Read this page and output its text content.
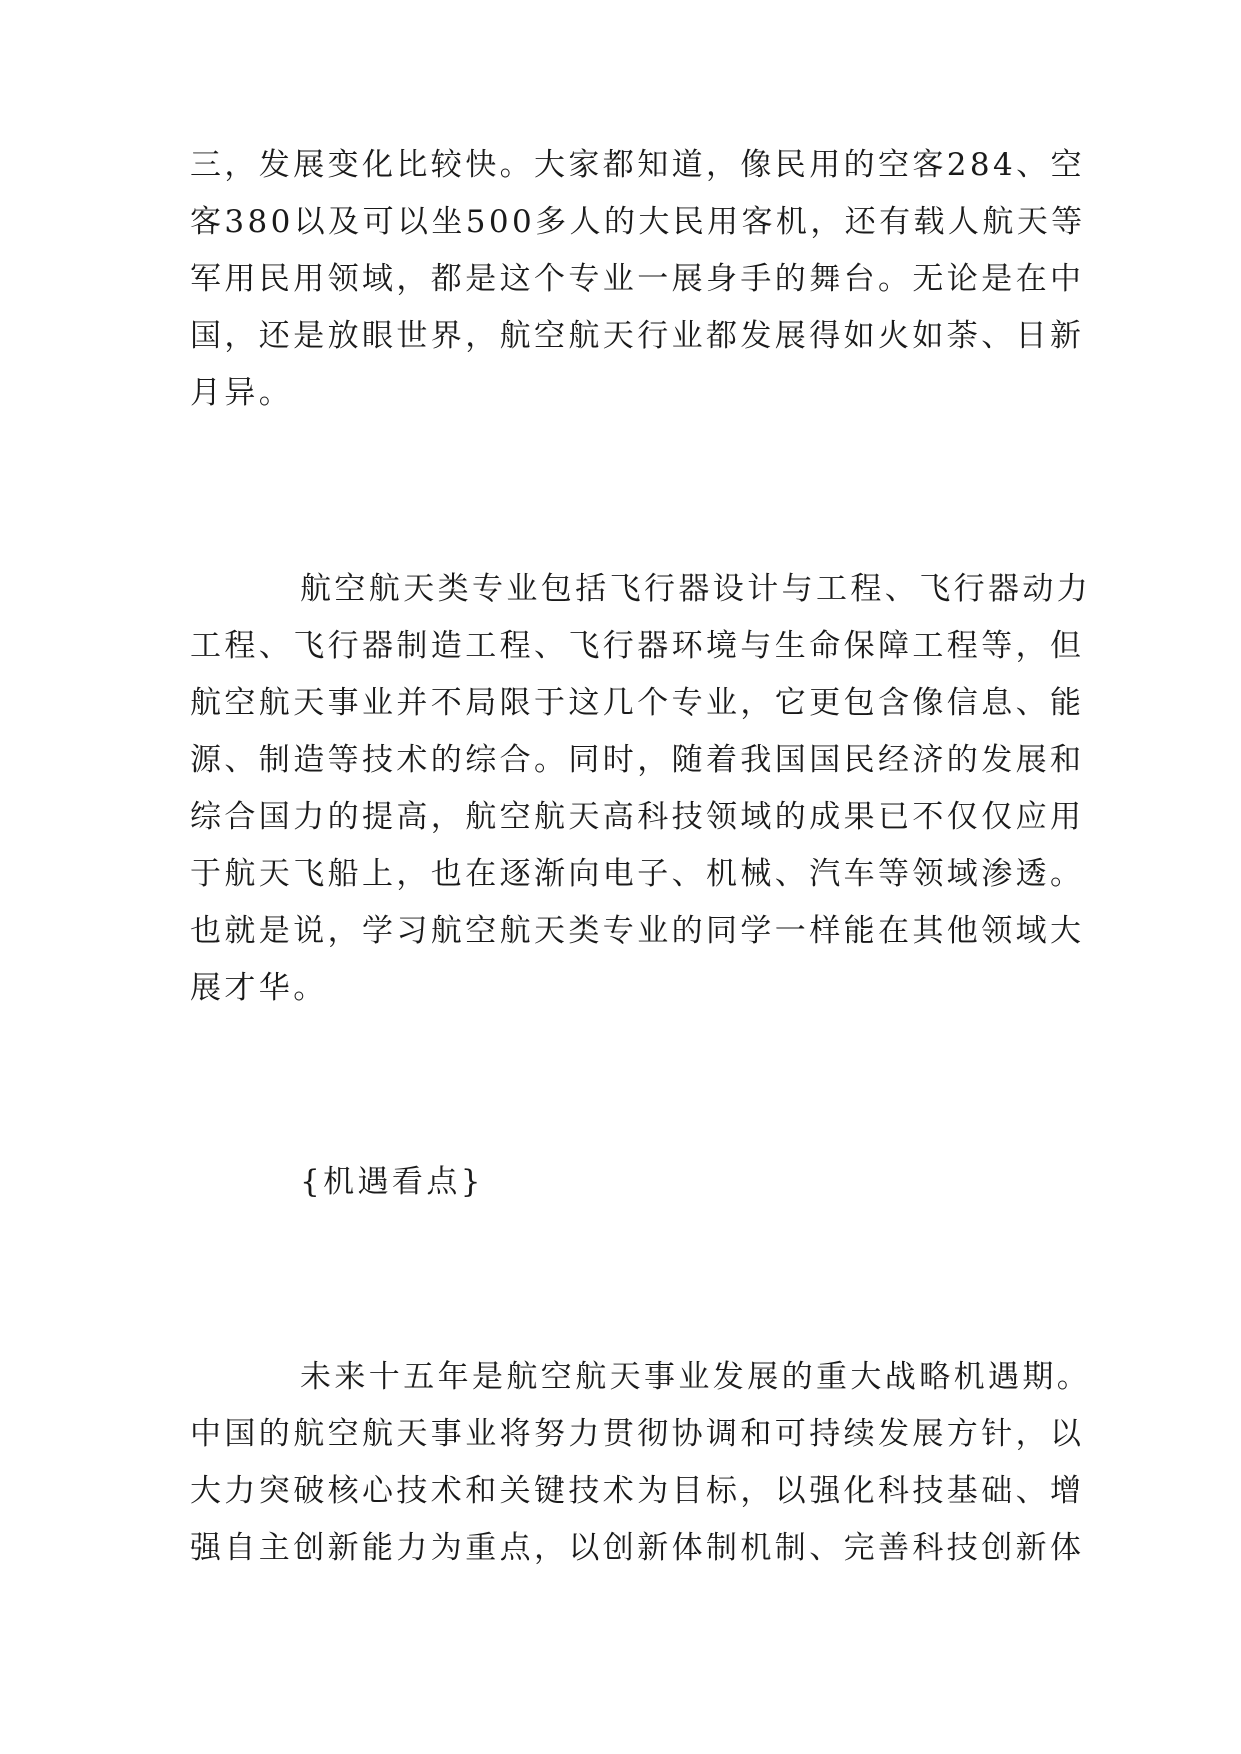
三，发展变化比较快。大家都知道，像民用的空客284、空
客380以及可以坐500多人的大民用客机，还有载人航天等
军用民用领域，都是这个专业一展身手的舞台。无论是在中
国，还是放眼世界，航空航天行业都发展得如火如荼、日新
月异。
航空航天类专业包括飞行器设计与工程、飞行器动力
工程、飞行器制造工程、飞行器环境与生命保障工程等，但
航空航天事业并不局限于这几个专业，它更包含像信息、能
源、制造等技术的综合。同时，随着我国国民经济的发展和
综合国力的提高，航空航天高科技领域的成果已不仅仅应用
于航天飞船上，也在逐渐向电子、机械、汽车等领域渗透。
也就是说，学习航空航天类专业的同学一样能在其他领域大
展才华。
{机遇看点}
未来十五年是航空航天事业发展的重大战略机遇期。
中国的航空航天事业将努力贯彻协调和可持续发展方针，以
大力突破核心技术和关键技术为目标，以强化科技基础、增
强自主创新能力为重点，以创新体制机制、完善科技创新体
